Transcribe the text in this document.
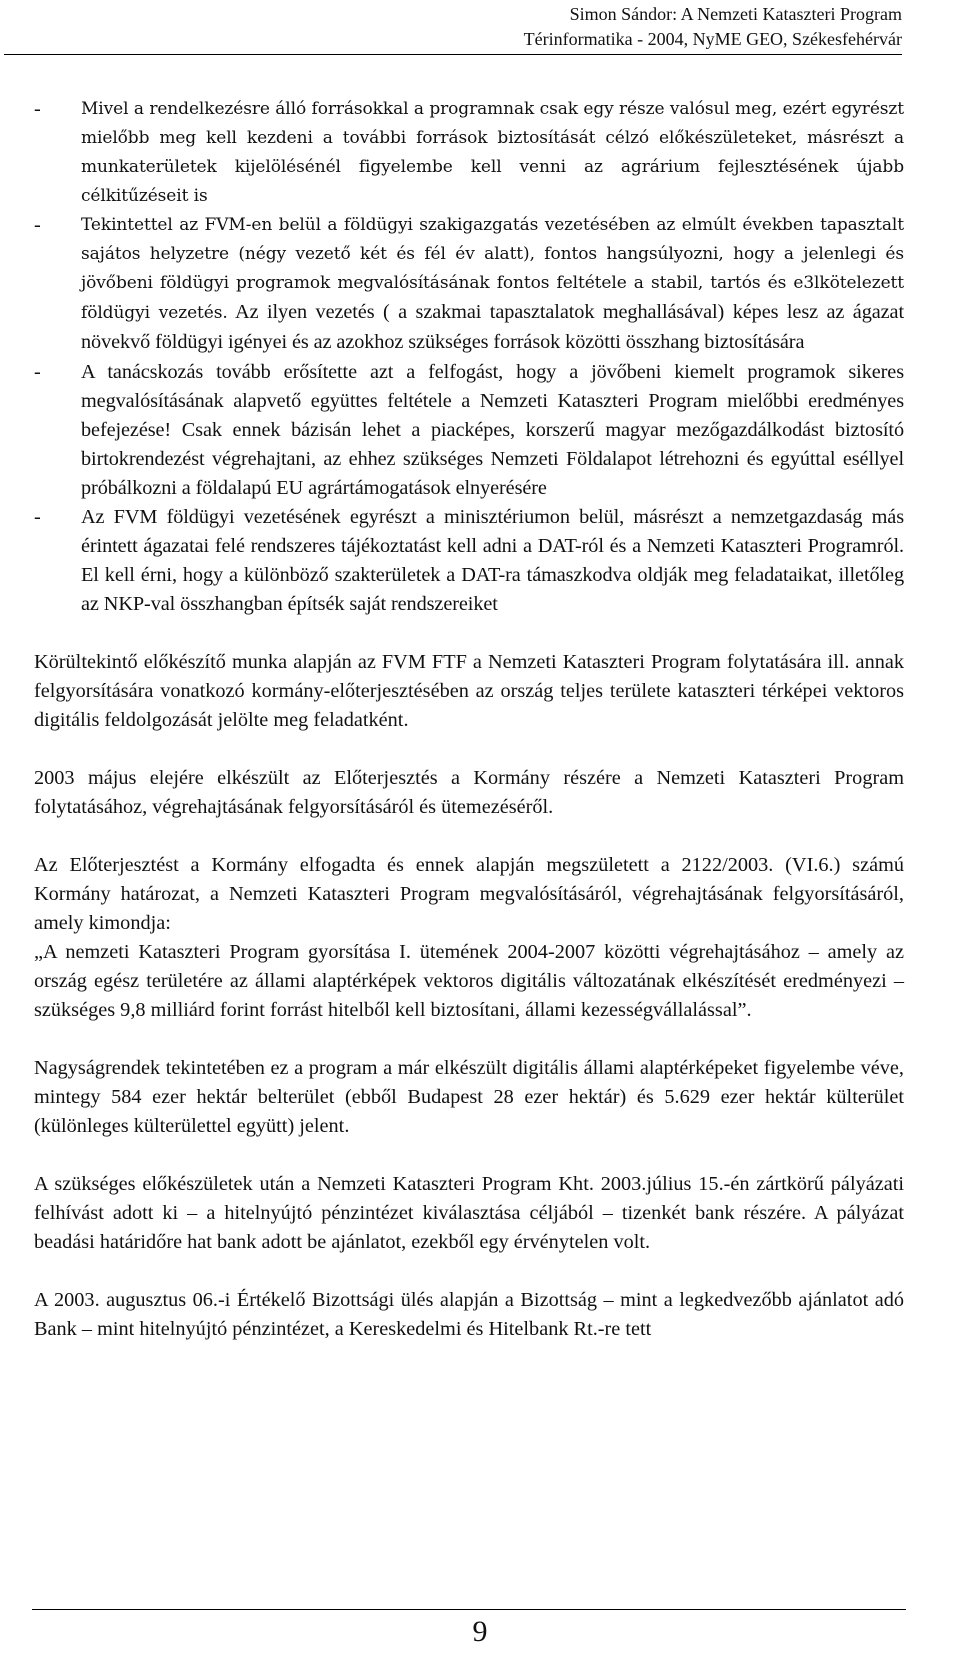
Simon Sándor: A Nemzeti Kataszteri Program
Térinformatika - 2004, NyME GEO, Székesfehérvár
- Mivel a rendelkezésre álló forrásokkal a programnak csak egy része valósul meg, ezért egyrészt mielőbb meg kell kezdeni a további források biztosítását célzó előkészületeket, másrészt a munkaterületek kijelölésénél figyelembe kell venni az agrárium fejlesztésének újabb célkitűzéseit is
- Tekintettel az FVM-en belül a földügyi szakigazgatás vezetésében az elmúlt években tapasztalt sajátos helyzetre (négy vezető két és fél év alatt), fontos hangsúlyozni, hogy a jelenlegi és jövőbeni földügyi programok megvalósításának fontos feltétele a stabil, tartós és e3lkötelezett földügyi vezetés. Az ilyen vezetés ( a szakmai tapasztalatok meghallásával) képes lesz az ágazat növekvő földügyi igényei és az azokhoz szükséges források közötti összhang biztosítására
- A tanácskozás tovább erősítette azt a felfogást, hogy a jövőbeni kiemelt programok sikeres megvalósításának alapvető együttes feltétele a Nemzeti Kataszteri Program mielőbbi eredményes befejezése! Csak ennek bázisán lehet a piacképes, korszerű magyar mezőgazdálkodást biztosító birtokrendezést végrehajtani, az ehhez szükséges Nemzeti Földalapot létrehozni és egyúttal eséllyel próbálkozni a földalapú EU agrártámogatások elnyerésére
- Az FVM földügyi vezetésének egyrészt a minisztériumon belül, másrészt a nemzetgazdaság más érintett ágazatai felé rendszeres tájékoztatást kell adni a DAT-ról és a Nemzeti Kataszteri Programról. El kell érni, hogy a különböző szakterületek a DAT-ra támaszkodva oldják meg feladataikat, illetőleg az NKP-val összhangban építsék saját rendszereiket

Körültekintő előkészítő munka alapján az FVM FTF a Nemzeti Kataszteri Program folytatására ill. annak felgyorsítására vonatkozó kormány-előterjesztésében az ország teljes területe kataszteri térképei vektoros digitális feldolgozását jelölte meg feladatként.

2003 május elejére elkészült az Előterjesztés a Kormány részére a Nemzeti Kataszteri Program folytatásához, végrehajtásának felgyorsításáról és ütemezéséről.

Az Előterjesztést a Kormány elfogadta és ennek alapján megszületett a 2122/2003. (VI.6.) számú Kormány határozat, a Nemzeti Kataszteri Program megvalósításáról, végrehajtásának felgyorsításáról, amely kimondja:

„A nemzeti Kataszteri Program gyorsítása I. ütemének 2004-2007 közötti végrehajtásához – amely az ország egész területére az állami alaptérképek vektoros digitális változatának elkészítését eredményezi – szükséges 9,8 milliárd forint forrást hitelből kell biztosítani, állami kezességvállalással”.

Nagyságrendek tekintetében ez a program a már elkészült digitális állami alaptérképeket figyelembe véve, mintegy 584 ezer hektár belterület (ebből Budapest 28 ezer hektár) és 5.629 ezer hektár külterület (különleges külterülettel együtt) jelent.

A szükséges előkészületek után a Nemzeti Kataszteri Program Kht. 2003.július 15.-én zártkörű pályázati felhívást adott ki – a hitelnyújtó pénzintézet kiválasztása céljából – tizenkét bank részére. A pályázat beadási határidőre hat bank adott be ajánlatot, ezekből egy érvénytelen volt.

A 2003. augusztus 06.-i Értékelő Bizottsági ülés alapján a Bizottság – mint a legkedvezőbb ajánlatot adó Bank – mint hitelnyújtó pénzintézet, a Kereskedelmi és Hitelbank Rt.-re tett

9
